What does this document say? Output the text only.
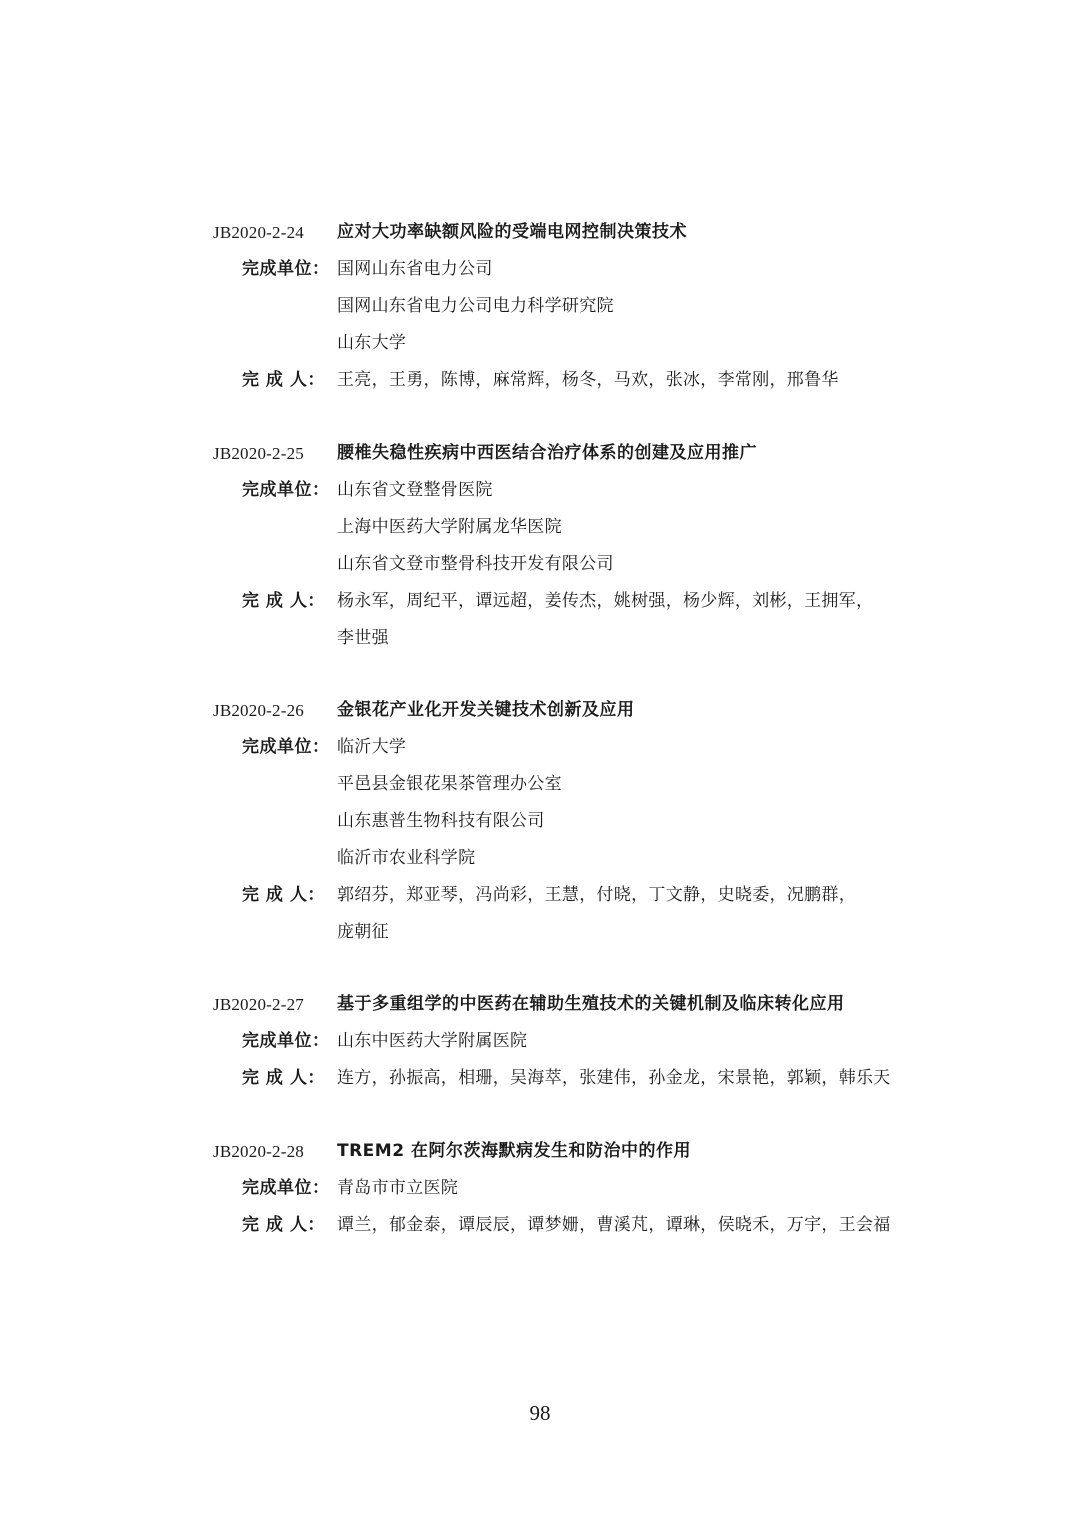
JB2020-2-24 应对大功率缺额风险的受端电网控制决策技术
完成单位： 国网山东省电力公司
国网山东省电力公司电力科学研究院
山东大学
完 成 人： 王亮，王勇，陈博，麻常辉，杨冬，马欢，张冰，李常刚，邢鲁华
JB2020-2-25 腰椎失稳性疾病中西医结合治疗体系的创建及应用推广
完成单位： 山东省文登整骨医院
上海中医药大学附属龙华医院
山东省文登市整骨科技开发有限公司
完 成 人： 杨永军，周纪平，谭远超，姜传杰，姚树强，杨少辉，刘彬，王拥军，
李世强
JB2020-2-26 金银花产业化开发关键技术创新及应用
完成单位： 临沂大学
平邑县金银花果茶管理办公室
山东惠普生物科技有限公司
临沂市农业科学院
完 成 人： 郭绍芬，郑亚琴，冯尚彩，王慧，付晓，丁文静，史晓委，况鹏群，
庞朝征
JB2020-2-27 基于多重组学的中医药在辅助生殖技术的关键机制及临床转化应用
完成单位： 山东中医药大学附属医院
完 成 人： 连方，孙振高，相珊，吴海萃，张建伟，孙金龙，宋景艳，郭颖，韩乐天
JB2020-2-28 TREM2 在阿尔茨海默病发生和防治中的作用
完成单位： 青岛市市立医院
完 成 人： 谭兰，郁金泰，谭辰辰，谭梦姗，曹溪芃，谭琳，侯晓禾，万宇，王会福
98
